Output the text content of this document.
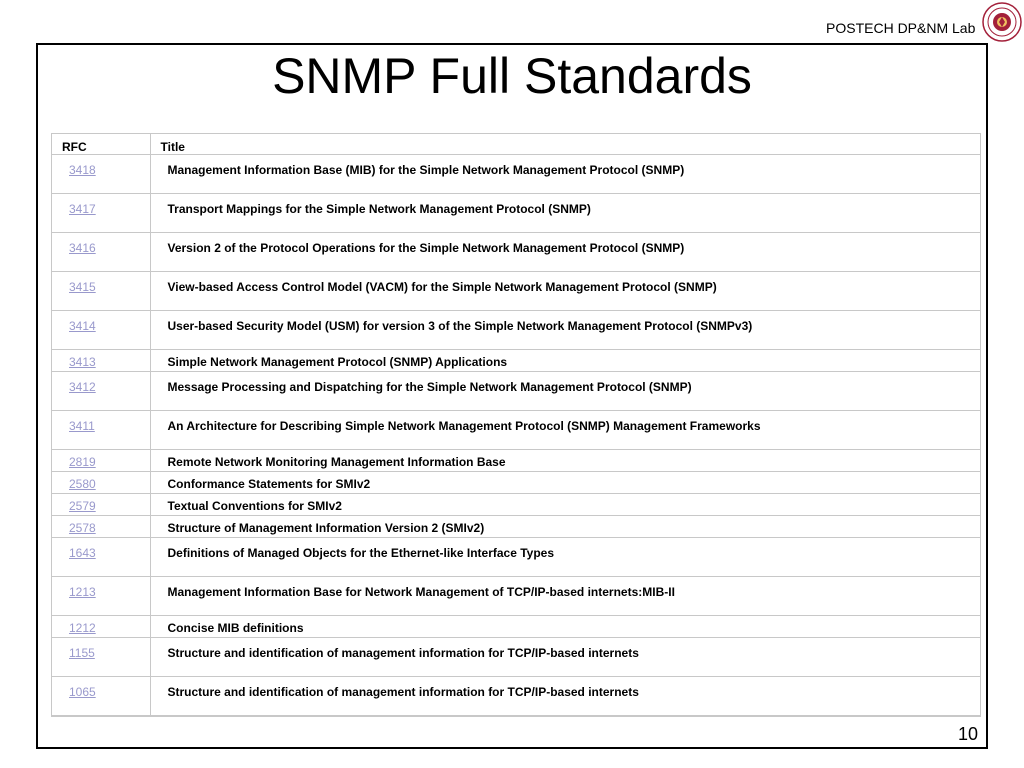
POSTECH DP&NM Lab
SNMP Full Standards
RFC	Title
3418	Management Information Base (MIB) for the Simple Network Management Protocol (SNMP)
3417	Transport Mappings for the Simple Network Management Protocol (SNMP)
3416	Version 2 of the Protocol Operations for the Simple Network Management Protocol (SNMP)
3415	View-based Access Control Model (VACM) for the Simple Network Management Protocol (SNMP)
3414	User-based Security Model (USM) for version 3 of the Simple Network Management Protocol (SNMPv3)
3413	Simple Network Management Protocol (SNMP) Applications
3412	Message Processing and Dispatching for the Simple Network Management Protocol (SNMP)
3411	An Architecture for Describing Simple Network Management Protocol (SNMP) Management Frameworks
2819	Remote Network Monitoring Management Information Base
2580	Conformance Statements for SMIv2
2579	Textual Conventions for SMIv2
2578	Structure of Management Information Version 2 (SMIv2)
1643	Definitions of Managed Objects for the Ethernet-like Interface Types
1213	Management Information Base for Network Management of TCP/IP-based internets:MIB-II
1212	Concise MIB definitions
1155	Structure and identification of management information for TCP/IP-based internets
1065	Structure and identification of management information for TCP/IP-based internets
10
